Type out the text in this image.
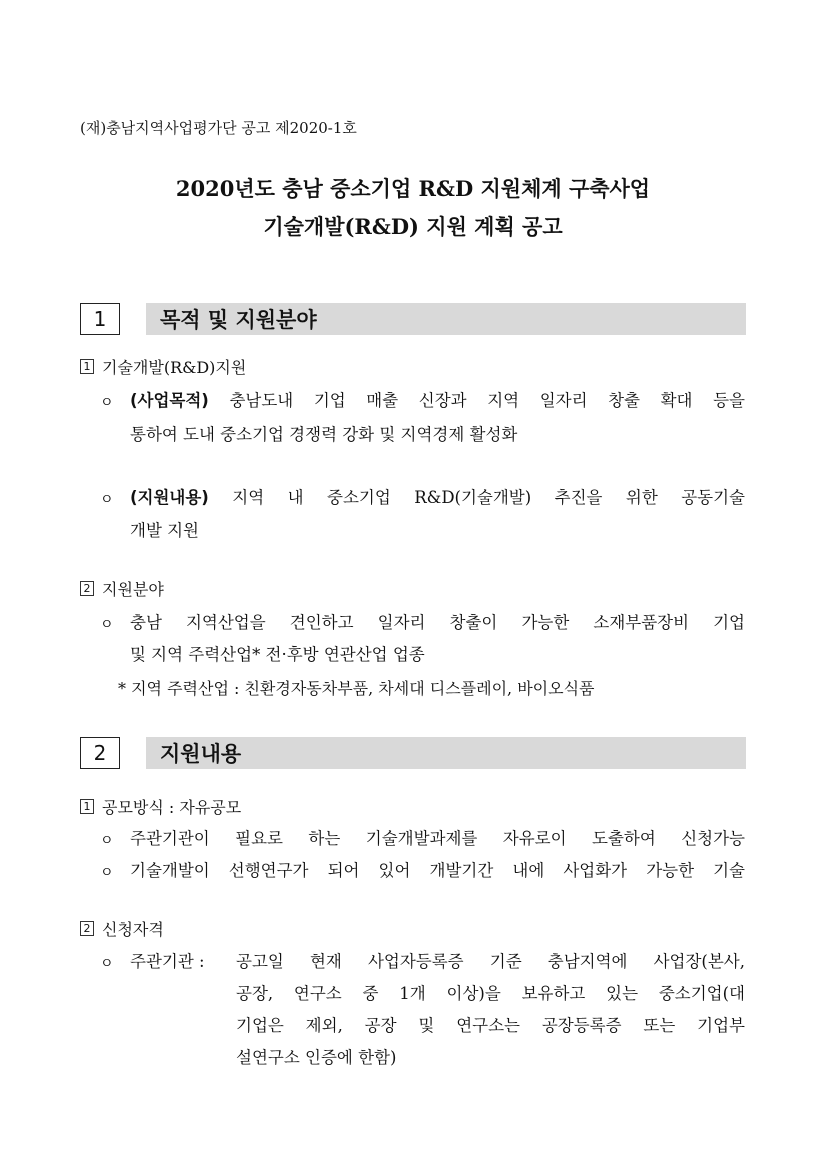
(재)충남지역사업평가단 공고 제2020-1호
2020년도 충남 중소기업 R&D 지원체계 구축사업
기술개발(R&D) 지원 계획 공고
1	목적 및 지원분야
1 기술개발(R&D)지원
ㅇ (사업목적) 충남도내 기업 매출 신장과 지역 일자리 창출 확대 등을
통하여 도내 중소기업 경쟁력 강화 및 지역경제 활성화
ㅇ (지원내용) 지역 내 중소기업 R&D(기술개발) 추진을 위한 공동기술
개발 지원
2 지원분야
ㅇ 충남 지역산업을 견인하고 일자리 창출이 가능한 소재부품장비 기업
및 지역 주력산업* 전·후방 연관산업 업종
* 지역 주력산업 : 친환경자동차부품, 차세대 디스플레이, 바이오식품
2	지원내용
1 공모방식 : 자유공모
ㅇ 주관기관이 필요로 하는 기술개발과제를 자유로이 도출하여 신청가능
ㅇ 기술개발이 선행연구가 되어 있어 개발기간 내에 사업화가 가능한 기술
2 신청자격
ㅇ 주관기관 : 공고일 현재 사업자등록증 기준 충남지역에 사업장(본사,
공장, 연구소 중 1개 이상)을 보유하고 있는 중소기업(대
기업은 제외, 공장 및 연구소는 공장등록증 또는 기업부
설연구소 인증에 한함)
